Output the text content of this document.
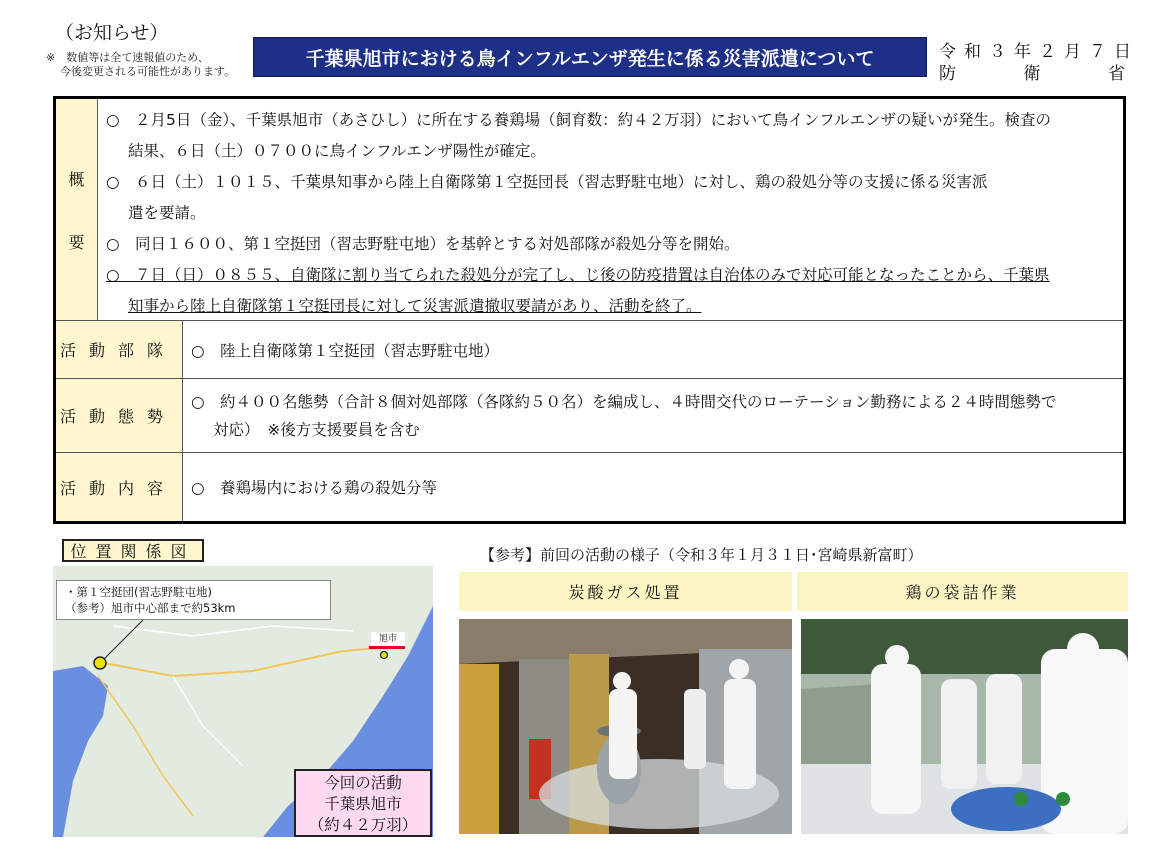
（お知らせ）
※　数値等は全て速報値のため、
今後変更される可能性があります。
千葉県旭市における鳥インフルエンザ発生に係る災害派遣について	令和３年２月７日
防	衛	省
概
要
○　２月5日（金）、千葉県旭市（あさひし）に所在する養鶏場（飼育数：約４２万羽）において鳥インフルエンザの疑いが発生。検査の
結果、６日（土）０７００に鳥インフルエンザ陽性が確定。
○　６日（土）１０１５、千葉県知事から陸上自衛隊第１空挺団長（習志野駐屯地）に対し、鶏の殺処分等の支援に係る災害派
遣を要請。
○　同日１６００、第１空挺団（習志野駐屯地）を基幹とする対処部隊が殺処分等を開始。
○　７日（日）０８５５、自衛隊に割り当てられた殺処分が完了し、じ後の防疫措置は自治体のみで対応可能となったことから、千葉県
知事から陸上自衛隊第１空挺団長に対して災害派遣撤収要請があり、活動を終了。
活動部隊 ○　陸上自衛隊第１空挺団（習志野駐屯地）
活動態勢
○　約４００名態勢（合計８個対処部隊（各隊約５０名）を編成し、４時間交代のローテーション勤務による２４時間態勢で
対応）　※後方支援要員を含む
活動内容 ○　養鶏場内における鶏の殺処分等
位置関係図
・第１空挺団(習志野駐屯地)
（参考）旭市中心部まで約53km
旭市
今回の活動
千葉県旭市
（約４２万羽）
【参考】前回の活動の様子（令和３年１月３１日･宮崎県新富町）
炭酸ガス処置	鶏の袋詰作業
